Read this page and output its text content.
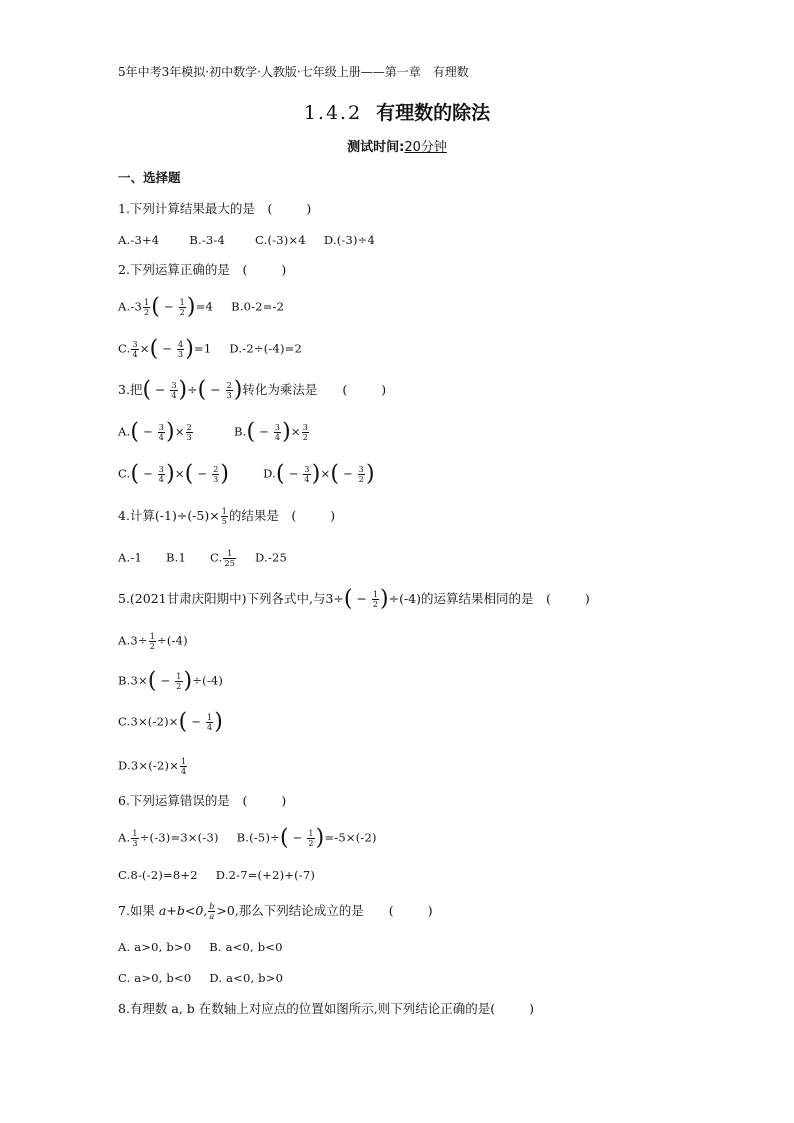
5年中考3年模拟·初中数学·人教版·七年级上册——第一章　有理数
1.4.2 有理数的除法
测试时间:20分钟
一、选择题
1.下列计算结果最大的是　 (	)
A.-3+4	B.-3-4	C.(-3)×4 D.(-3)÷4
2.下列运算正确的是　 (	)
$A.-3 \frac{1}{2}$ ( − $\frac{1}{2} )=4$ B.0-2=-2
C. $\frac{3}{4}$ ×( − $\frac{4}{3} )=1$ D.-2÷(-4)=2
3.把( − $\frac{3}{4}$ )÷( − $\frac{2}{3}$ )转化为乘法是　　 (	)
$A.( - \frac{3}{4}$ )× $\frac{2}{3}$	$B.( - \frac{3}{4}$ )× $\frac{3}{2}$
$C.( - \frac{3}{4}$ )×( − $\frac{2}{3}$ )	$D.( - \frac{3}{4}$ )×( − $\frac{3}{2}$ )
4.计算$(-1)\div(-5)\times \frac{1}{5}$ 的结果是　 (	)
A.-1 B.1 C. $\frac{1}{25} D.-25$
5.(2021甘肃庆阳期中)下列各式中,与$3\div( - \frac{1}{2} )\div(-4)$的运算结果相同的是　 (	)
$A.3\div \frac{1}{2} \div(-4)$
$B.3\times( - \frac{1}{2} )\div(-4)$
$C.3\times(-2)\times( - \frac{1}{4}$ )
$D.3\times(-2)\times \frac{1}{4}$
6.下列运算错误的是　 (	)
A. $\frac{1}{3} \div(-3)=3\times(-3) B.(-5)\div( - \frac{1}{2} )=-5\times(-2)$
C.8-(-2)=8+2 D.2-7=(+2)+(-7)
7.如果 a+b<0, $\frac{b}{a} >0$,那么下列结论成立的是　　 (	)
A. a>0, b>0 B. a<0, b<0
C. a>0, b<0 D. a<0, b>0
8.有理数 a, b 在数轴上对应点的位置如图所示,则下列结论正确的是(	)
